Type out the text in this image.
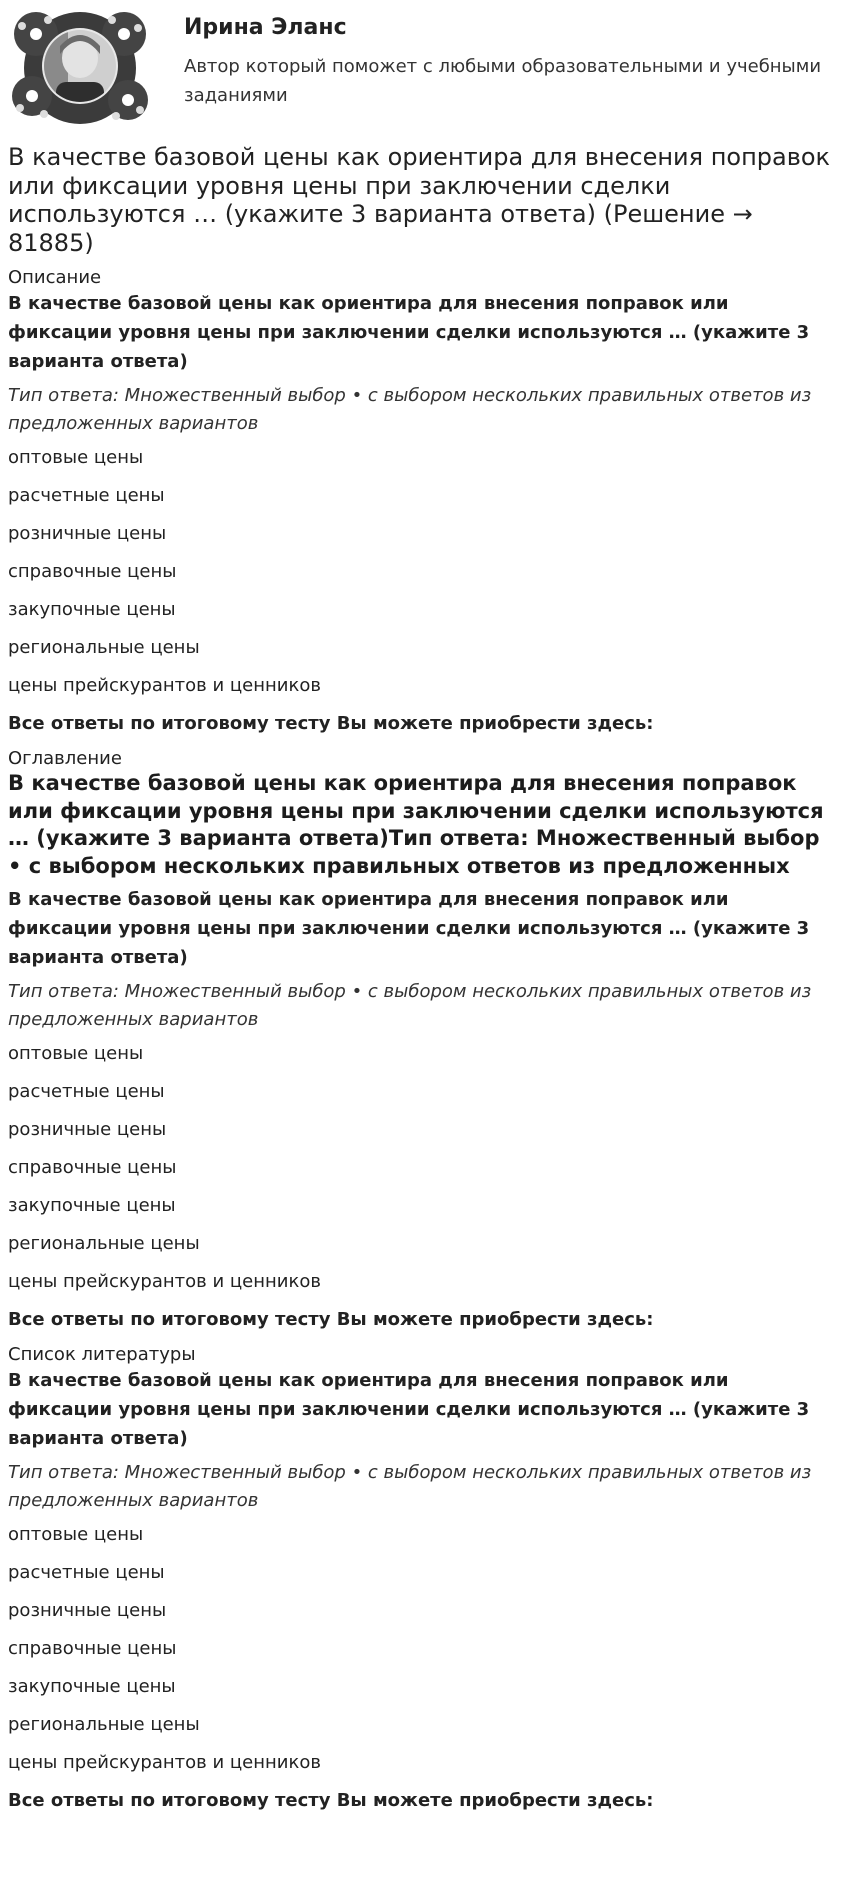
Ирина Эланс

Автор который поможет с любыми образовательными и учебными заданиями

В качестве базовой цены как ориентира для внесения поправок или фиксации уровня цены при заключении сделки используются … (укажите 3 варианта ответа) (Решение → 81885)

Описание

В качестве базовой цены как ориентира для внесения поправок или фиксации уровня цены при заключении сделки используются … (укажите 3 варианта ответа)

Тип ответа: Множественный выбор • с выбором нескольких правильных ответов из предложенных вариантов

оптовые цены

расчетные цены

розничные цены

справочные цены

закупочные цены

региональные цены

цены прейскурантов и ценников

Все ответы по итоговому тесту Вы можете приобрести здесь:

Оглавление

В качестве базовой цены как ориентира для внесения поправок или фиксации уровня цены при заключении сделки используются … (укажите 3 варианта ответа)Тип ответа: Множественный выбор • с выбором нескольких правильных ответов из предложенных

В качестве базовой цены как ориентира для внесения поправок или фиксации уровня цены при заключении сделки используются … (укажите 3 варианта ответа)

Тип ответа: Множественный выбор • с выбором нескольких правильных ответов из предложенных вариантов

оптовые цены

расчетные цены

розничные цены

справочные цены

закупочные цены

региональные цены

цены прейскурантов и ценников

Все ответы по итоговому тесту Вы можете приобрести здесь:

Список литературы

В качестве базовой цены как ориентира для внесения поправок или фиксации уровня цены при заключении сделки используются … (укажите 3 варианта ответа)

Тип ответа: Множественный выбор • с выбором нескольких правильных ответов из предложенных вариантов

оптовые цены

расчетные цены

розничные цены

справочные цены

закупочные цены

региональные цены

цены прейскурантов и ценников

Все ответы по итоговому тесту Вы можете приобрести здесь:
